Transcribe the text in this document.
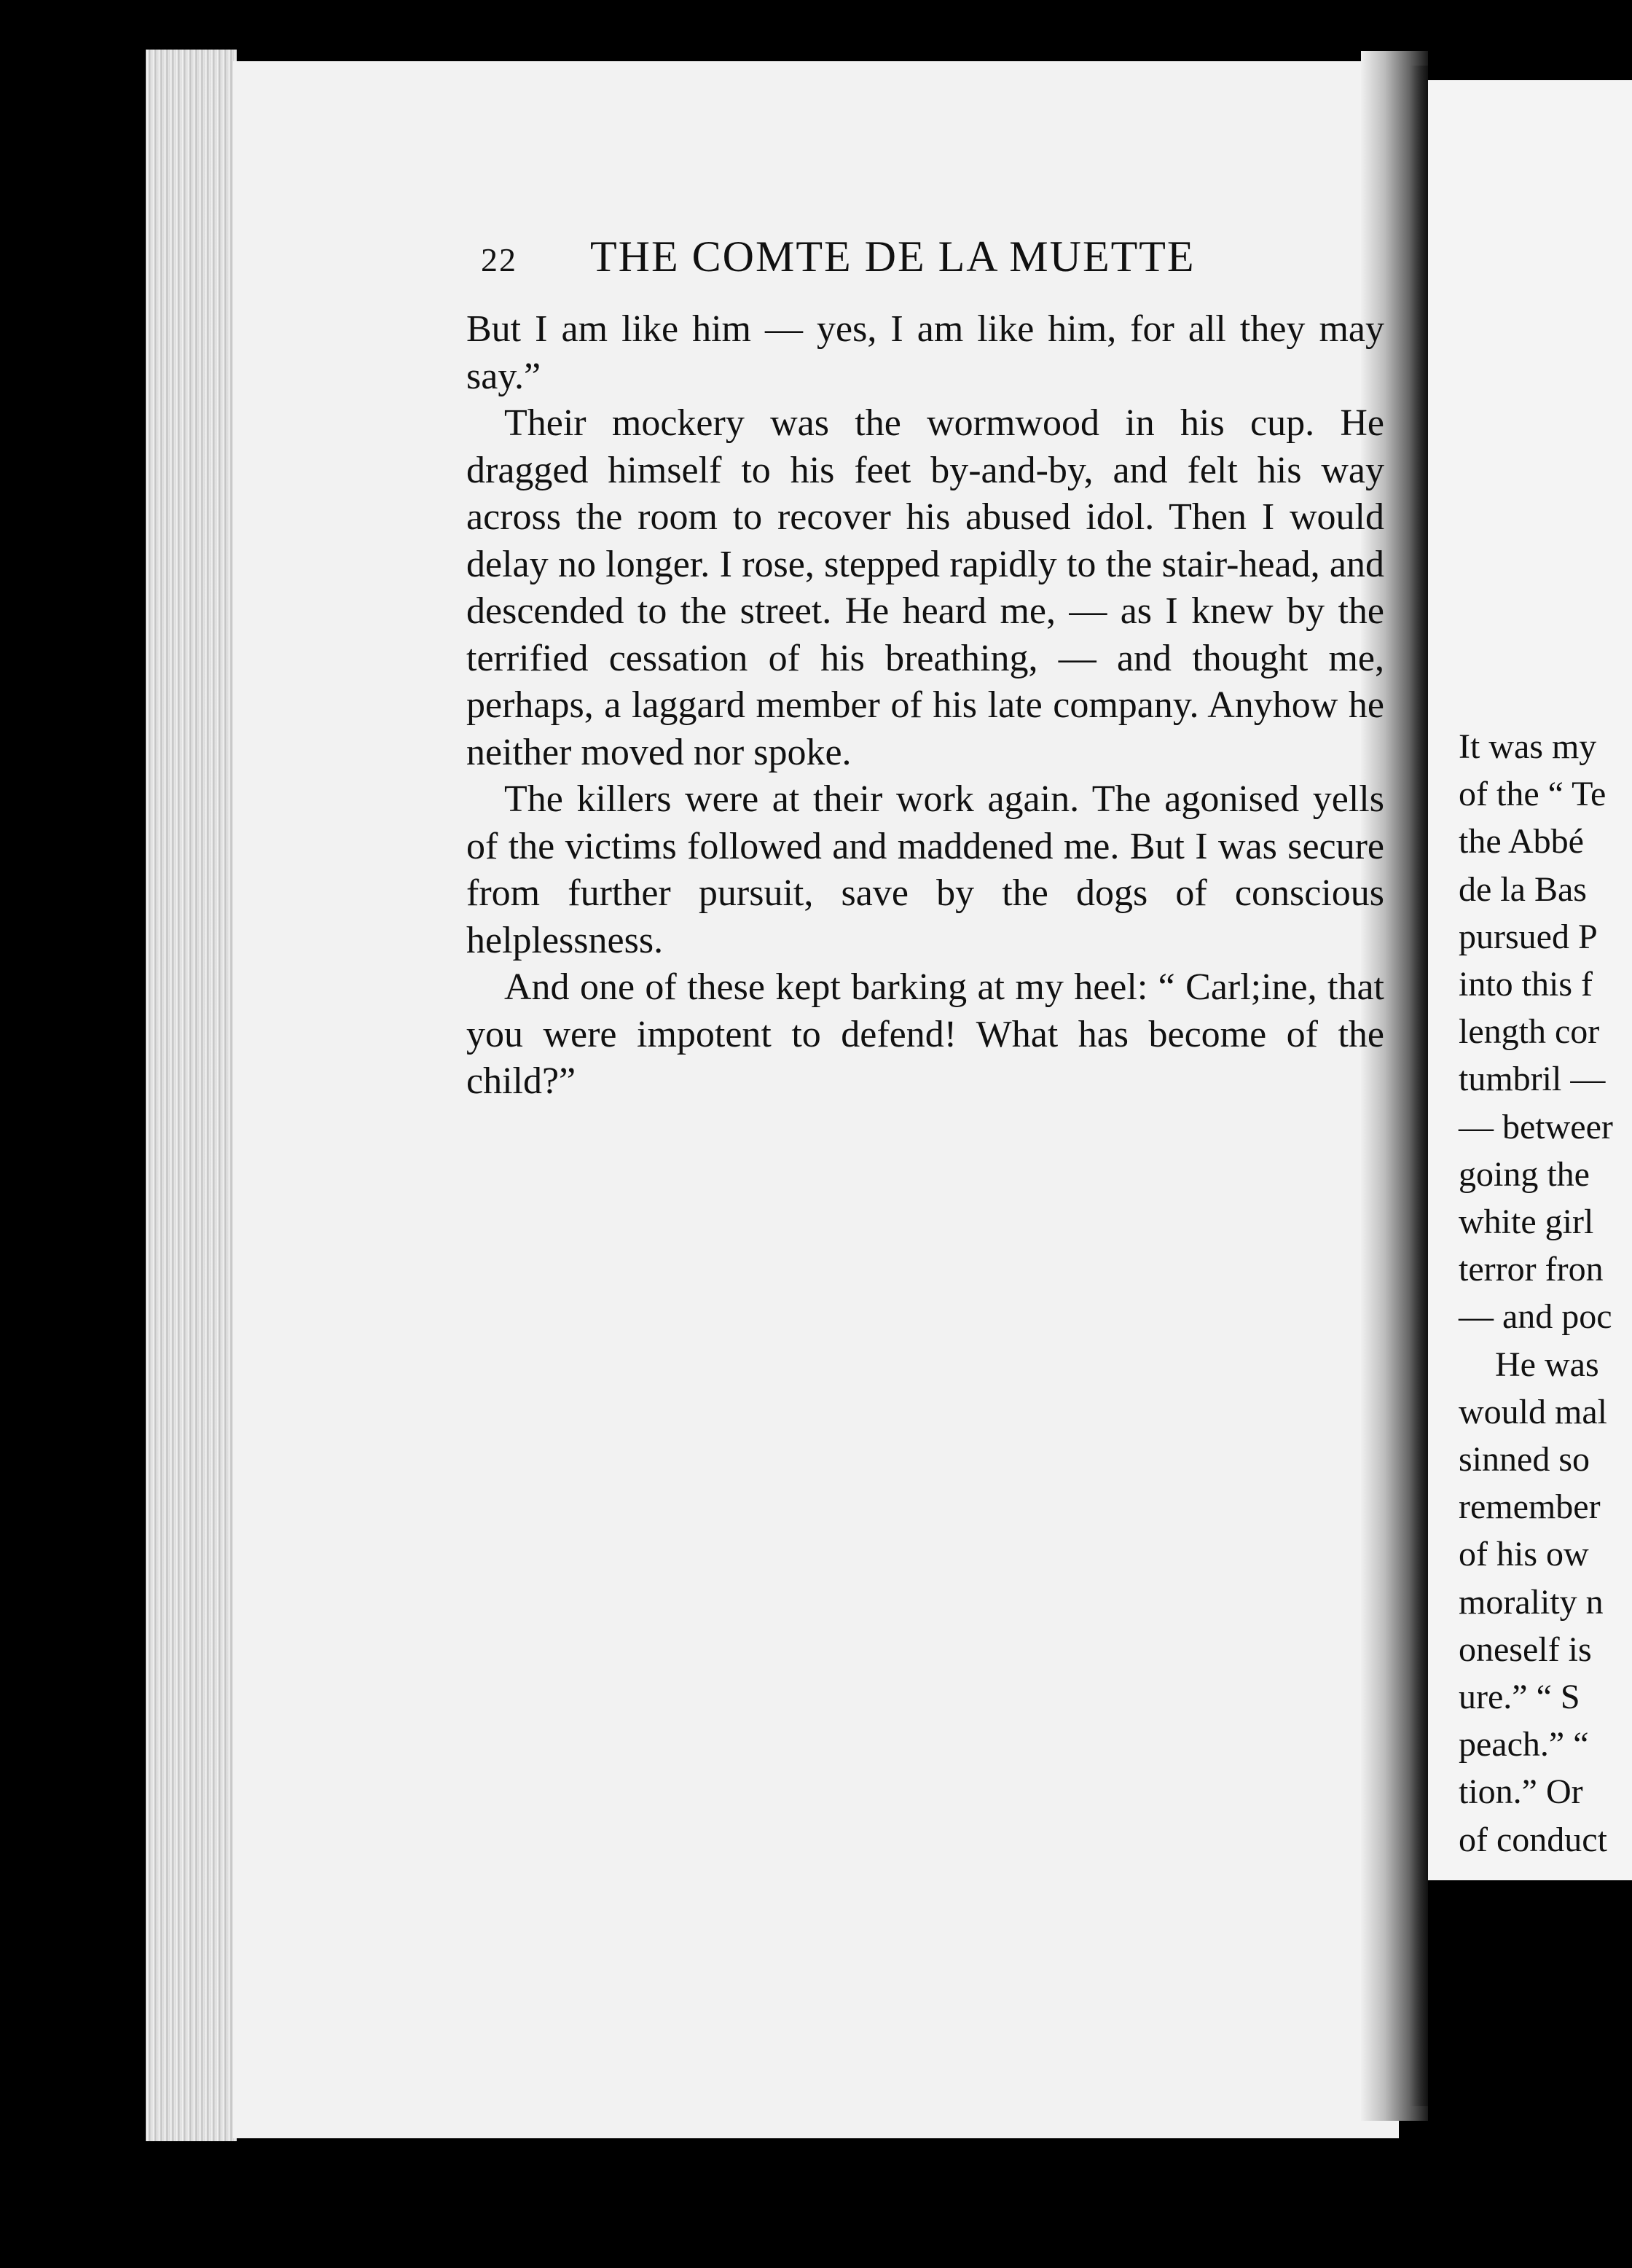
22 THE COMTE DE LA MUETTE

But I am like him — yes, I am like him, for all they may say.”

Their mockery was the wormwood in his cup. He dragged himself to his feet by-and-by, and felt his way across the room to recover his abused idol. Then I would delay no longer. I rose, stepped rapidly to the stair-head, and descended to the street. He heard me, — as I knew by the terrified cessation of his breathing, — and thought me, perhaps, a laggard member of his late company. Anyhow he neither moved nor spoke.

The killers were at their work again. The agonised yells of the victims followed and maddened me. But I was secure from further pursuit, save by the dogs of conscious helplessness.

And one of these kept barking at my heel: “ Carl;ine, that you were impotent to defend! What has become of the child?”

It was my
of the “ Te
the Abbé
de la Bas
pursued P
into this f
length cor
tumbril —
— betweer
going the
white girl
terror fron
— and poc
He was
would mal
sinned so
remember
of his ow
morality n
oneself is
ure.” “ S
peach.” “
tion.” Or
of conduct
